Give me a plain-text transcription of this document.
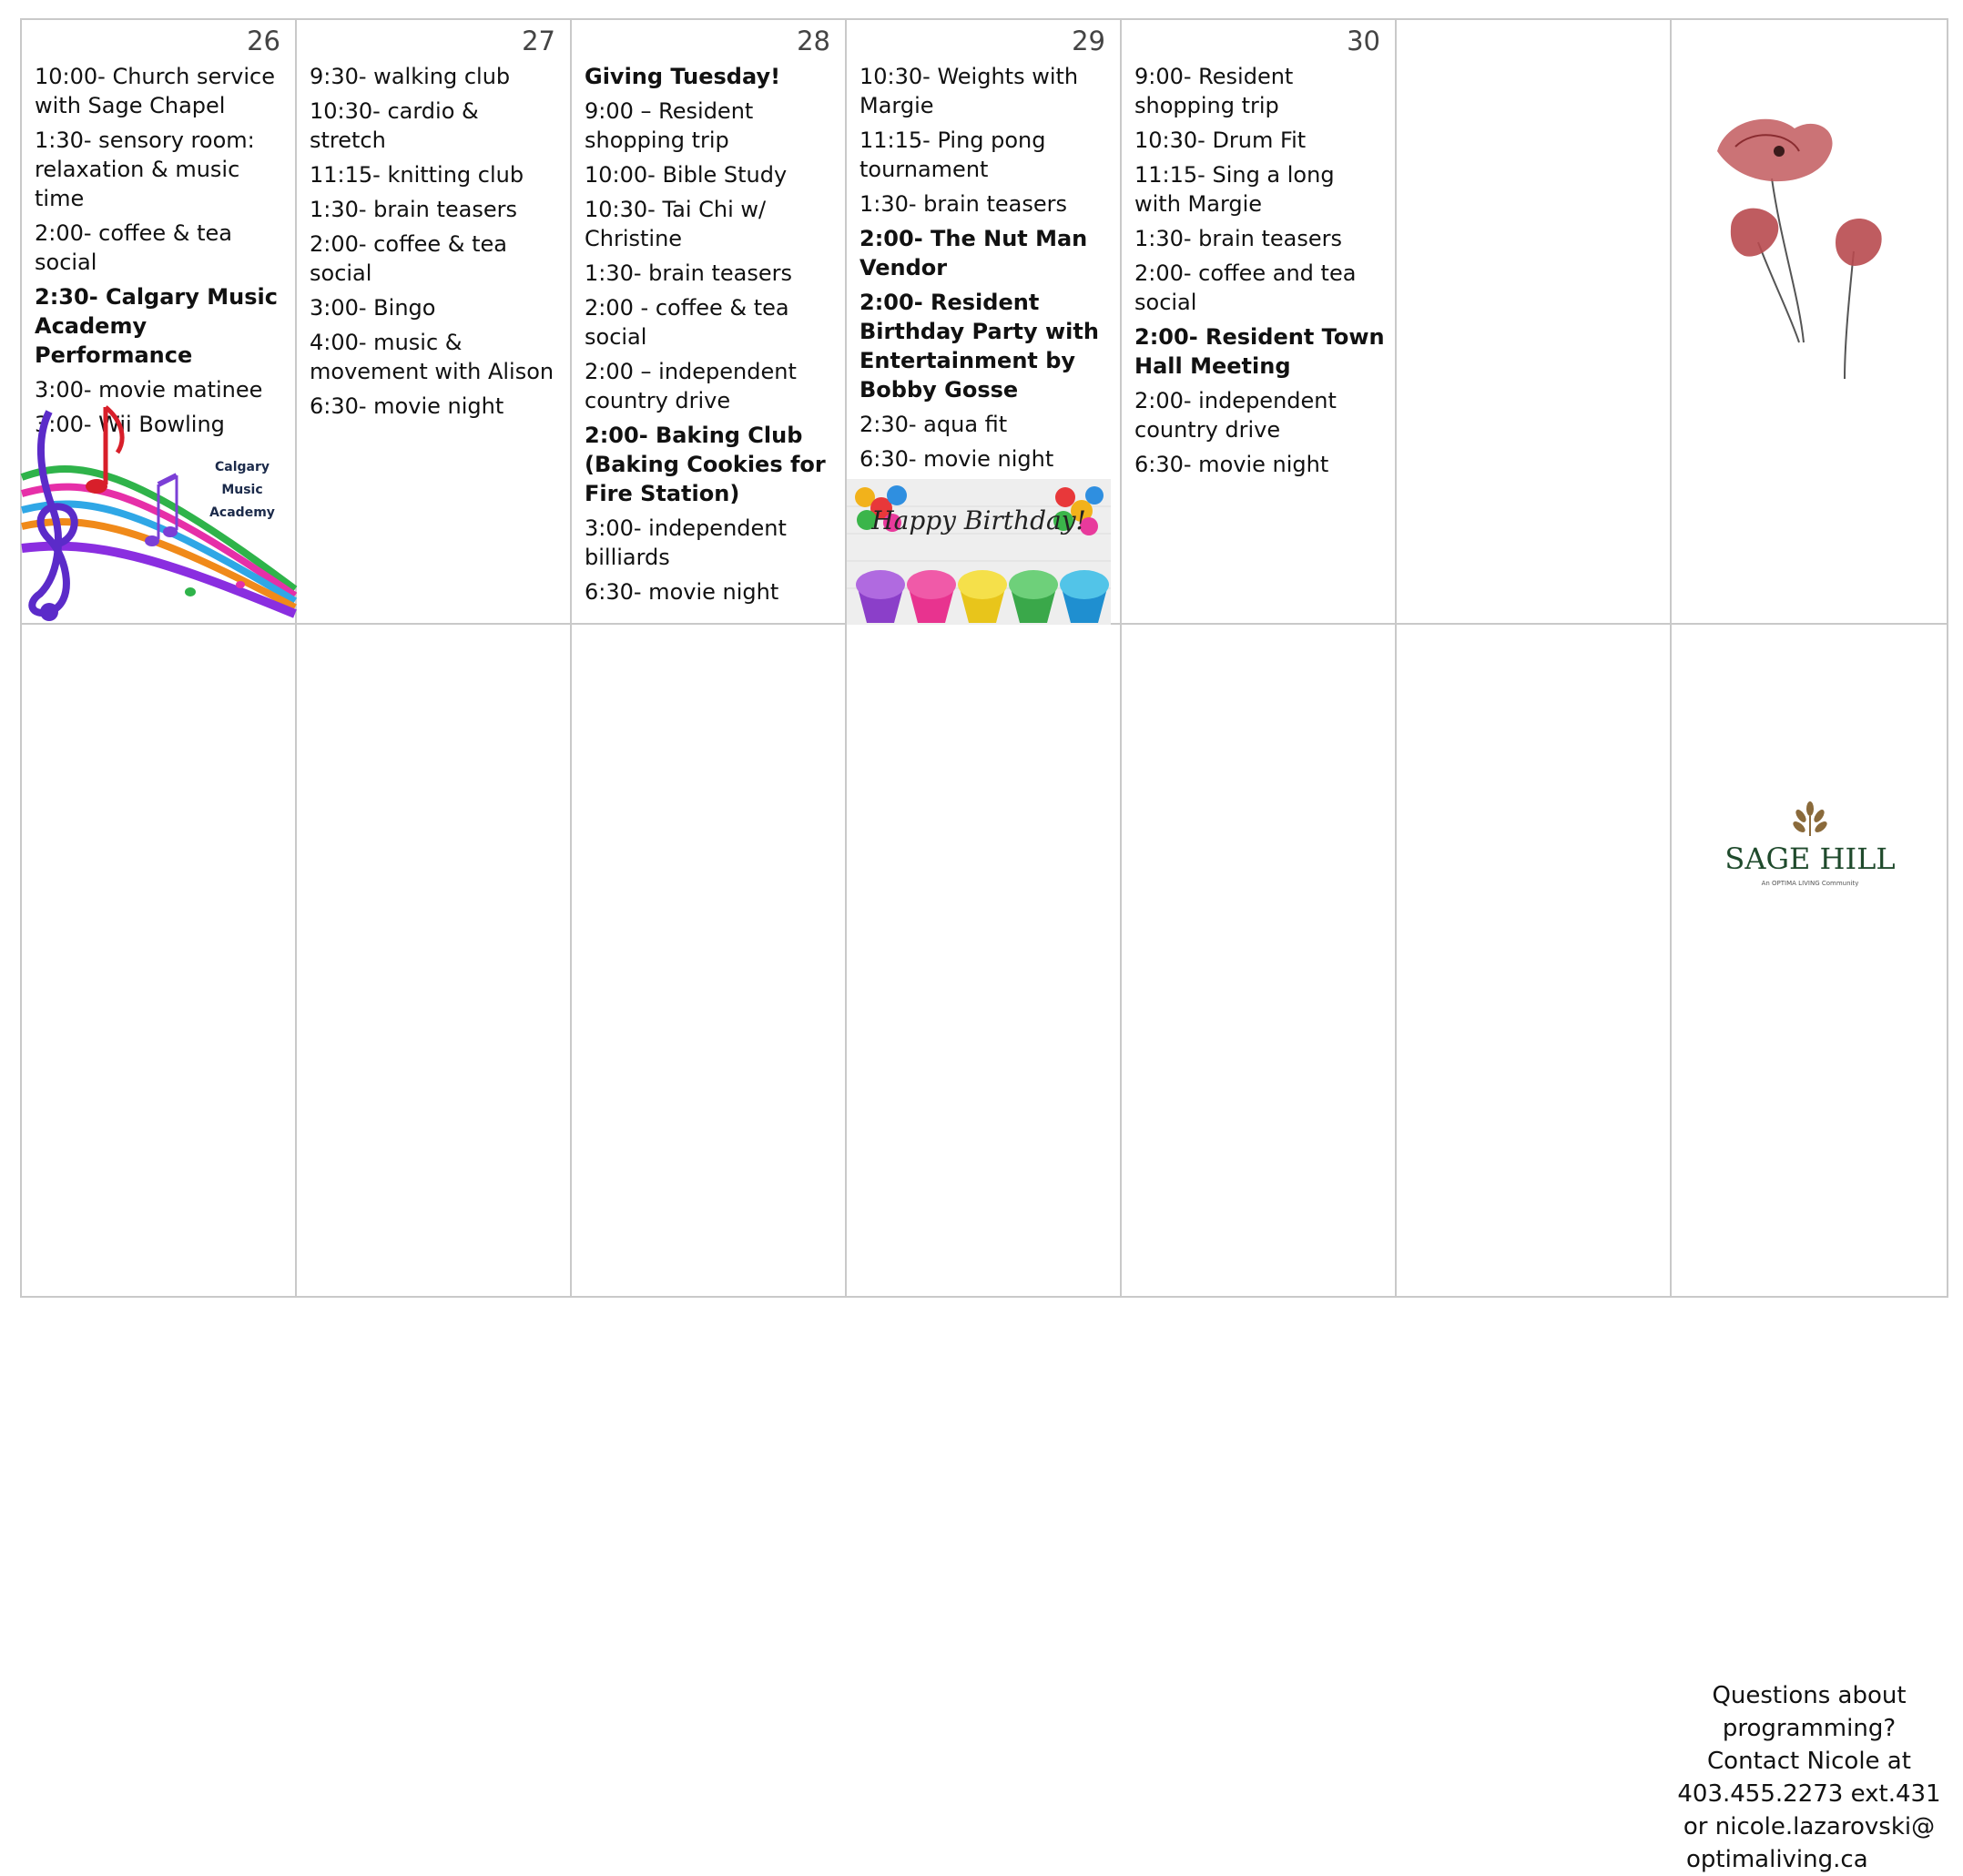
26
10:00- Church service with Sage Chapel
1:30- sensory room: relaxation & music time
2:00- coffee & tea social
2:30- Calgary Music Academy Performance
3:00- movie matinee
3:00- Wii Bowling
Calgary
Music
Academy
27
9:30- walking club
10:30- cardio & stretch
11:15- knitting club
1:30- brain teasers
2:00- coffee & tea social
3:00- Bingo
4:00- music & movement with Alison
6:30- movie night
28
Giving Tuesday!
9:00 – Resident shopping trip
10:00- Bible Study
10:30- Tai Chi w/ Christine
1:30- brain teasers
2:00 - coffee & tea social
2:00 – independent country drive
2:00- Baking Club (Baking Cookies for Fire Station)
3:00- independent billiards
6:30- movie night
29
10:30- Weights with Margie
11:15- Ping pong tournament
1:30- brain teasers
2:00- The Nut Man Vendor
2:00- Resident Birthday Party with Entertainment by Bobby Gosse
2:30- aqua fit
6:30- movie night
Happy Birthday!
30
9:00- Resident shopping trip
10:30- Drum Fit
11:15- Sing a long with Margie
1:30- brain teasers
2:00- coffee and tea social
2:00- Resident Town Hall Meeting
2:00- independent country drive
6:30- movie night
SAGE HILL
An OPTIMA LIVING Community
Questions about
programming?
Contact Nicole at
403.455.2273 ext.431
or nicole.lazarovski@
optimaliving.ca
